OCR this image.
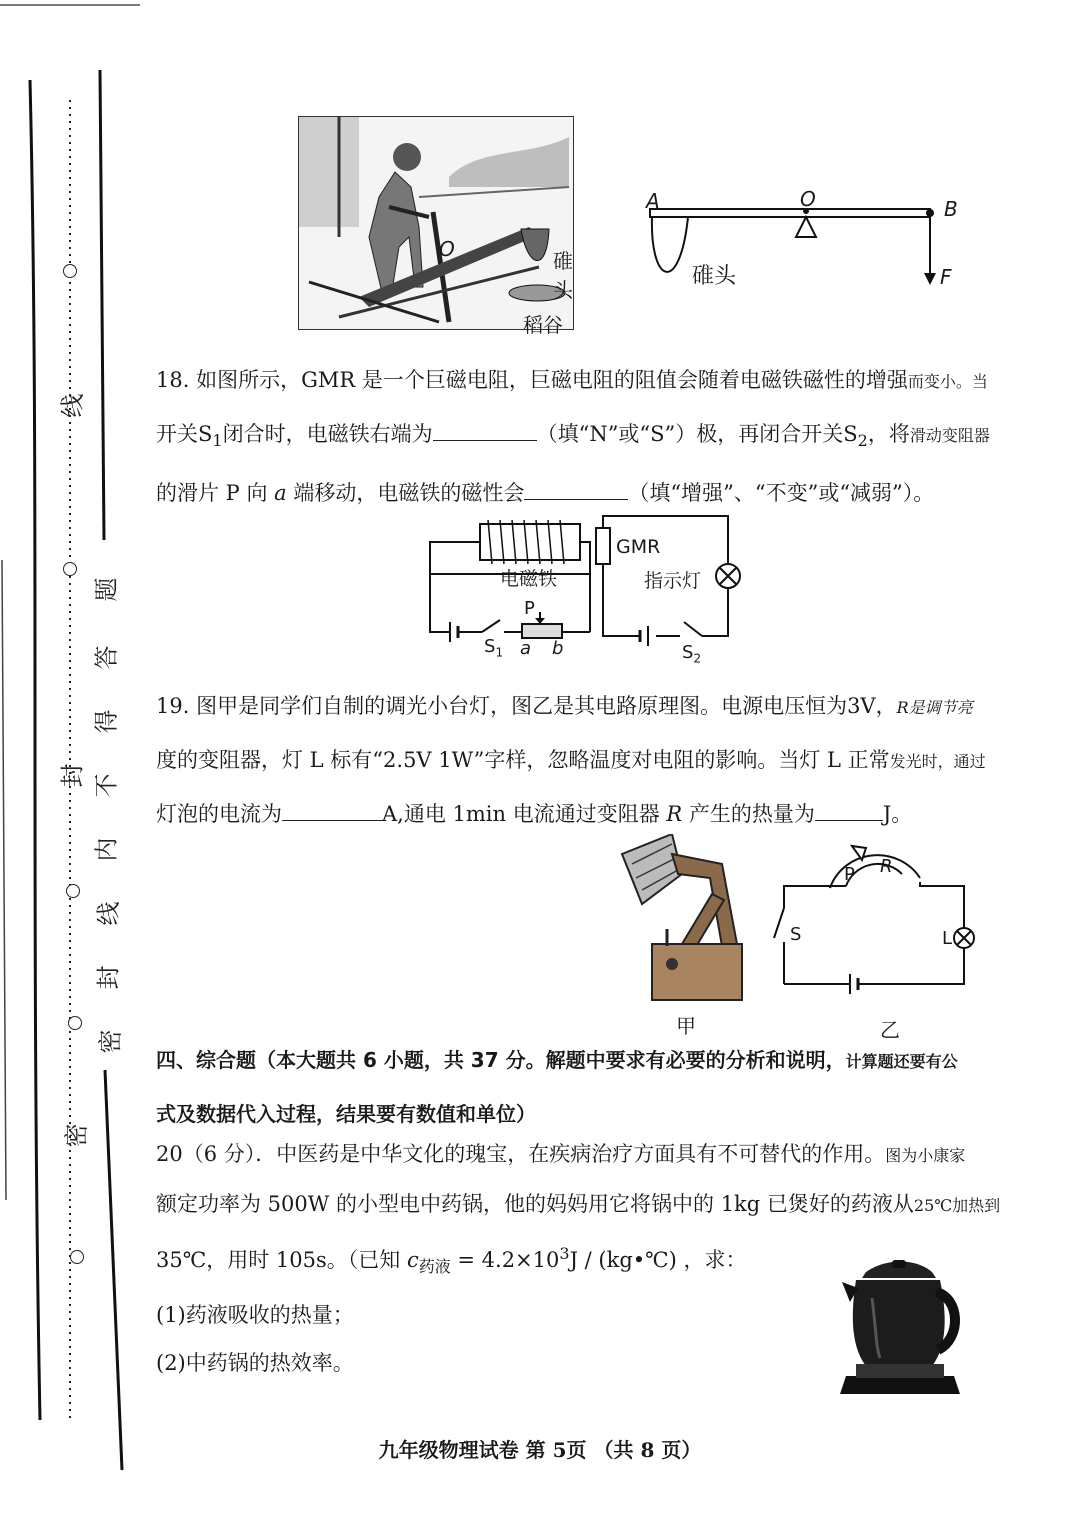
线
题
答
得
不
内
线
封
密
封
密
O	碓头
稻谷
A	O	B
碓头	F
18. 如图所示，GMR 是一个巨磁电阻，巨磁电阻的阻值会随着电磁铁磁性的增强而变小。当
开关$S_1$闭合时，电磁铁右端为	（填“N”或“S”）极，再闭合开关$S_2$，将滑动变阻器
的滑片 P 向 a 端移动，电磁铁的磁性会	（填“增强”、“不变”或“减弱”）。
电磁铁
GMR
指示灯
P
$S_1$ a b	$S_2$
19. 图甲是同学们自制的调光小台灯，图乙是其电路原理图。电源电压恒为3V，R是调节亮
度的变阻器，灯 L 标有“2.5V 1W”字样，忽略温度对电阻的影响。当灯 L 正常发光时，通过
灯泡的电流为	A,通电 1min 电流通过变阻器 R 产生的热量为	J。
甲
P R
S	L
乙
四、综合题（本大题共 6 小题，共 37 分。解题中要求有必要的分析和说明，计算题还要有公
式及数据代入过程，结果要有数值和单位）
20（6 分）．中医药是中华文化的瑰宝，在疾病治疗方面具有不可替代的作用。图为小康家
额定功率为 500W 的小型电中药锅，他的妈妈用它将锅中的 1kg 已煲好的药液从25℃加热到
35℃，用时 105s。（已知 $c_{药液} = 4.2\times 10^3J$ / (kg•℃) ，求：
(1)药液吸收的热量；
(2)中药锅的热效率。
九年级物理试卷 第 5页 （共 8 页）
